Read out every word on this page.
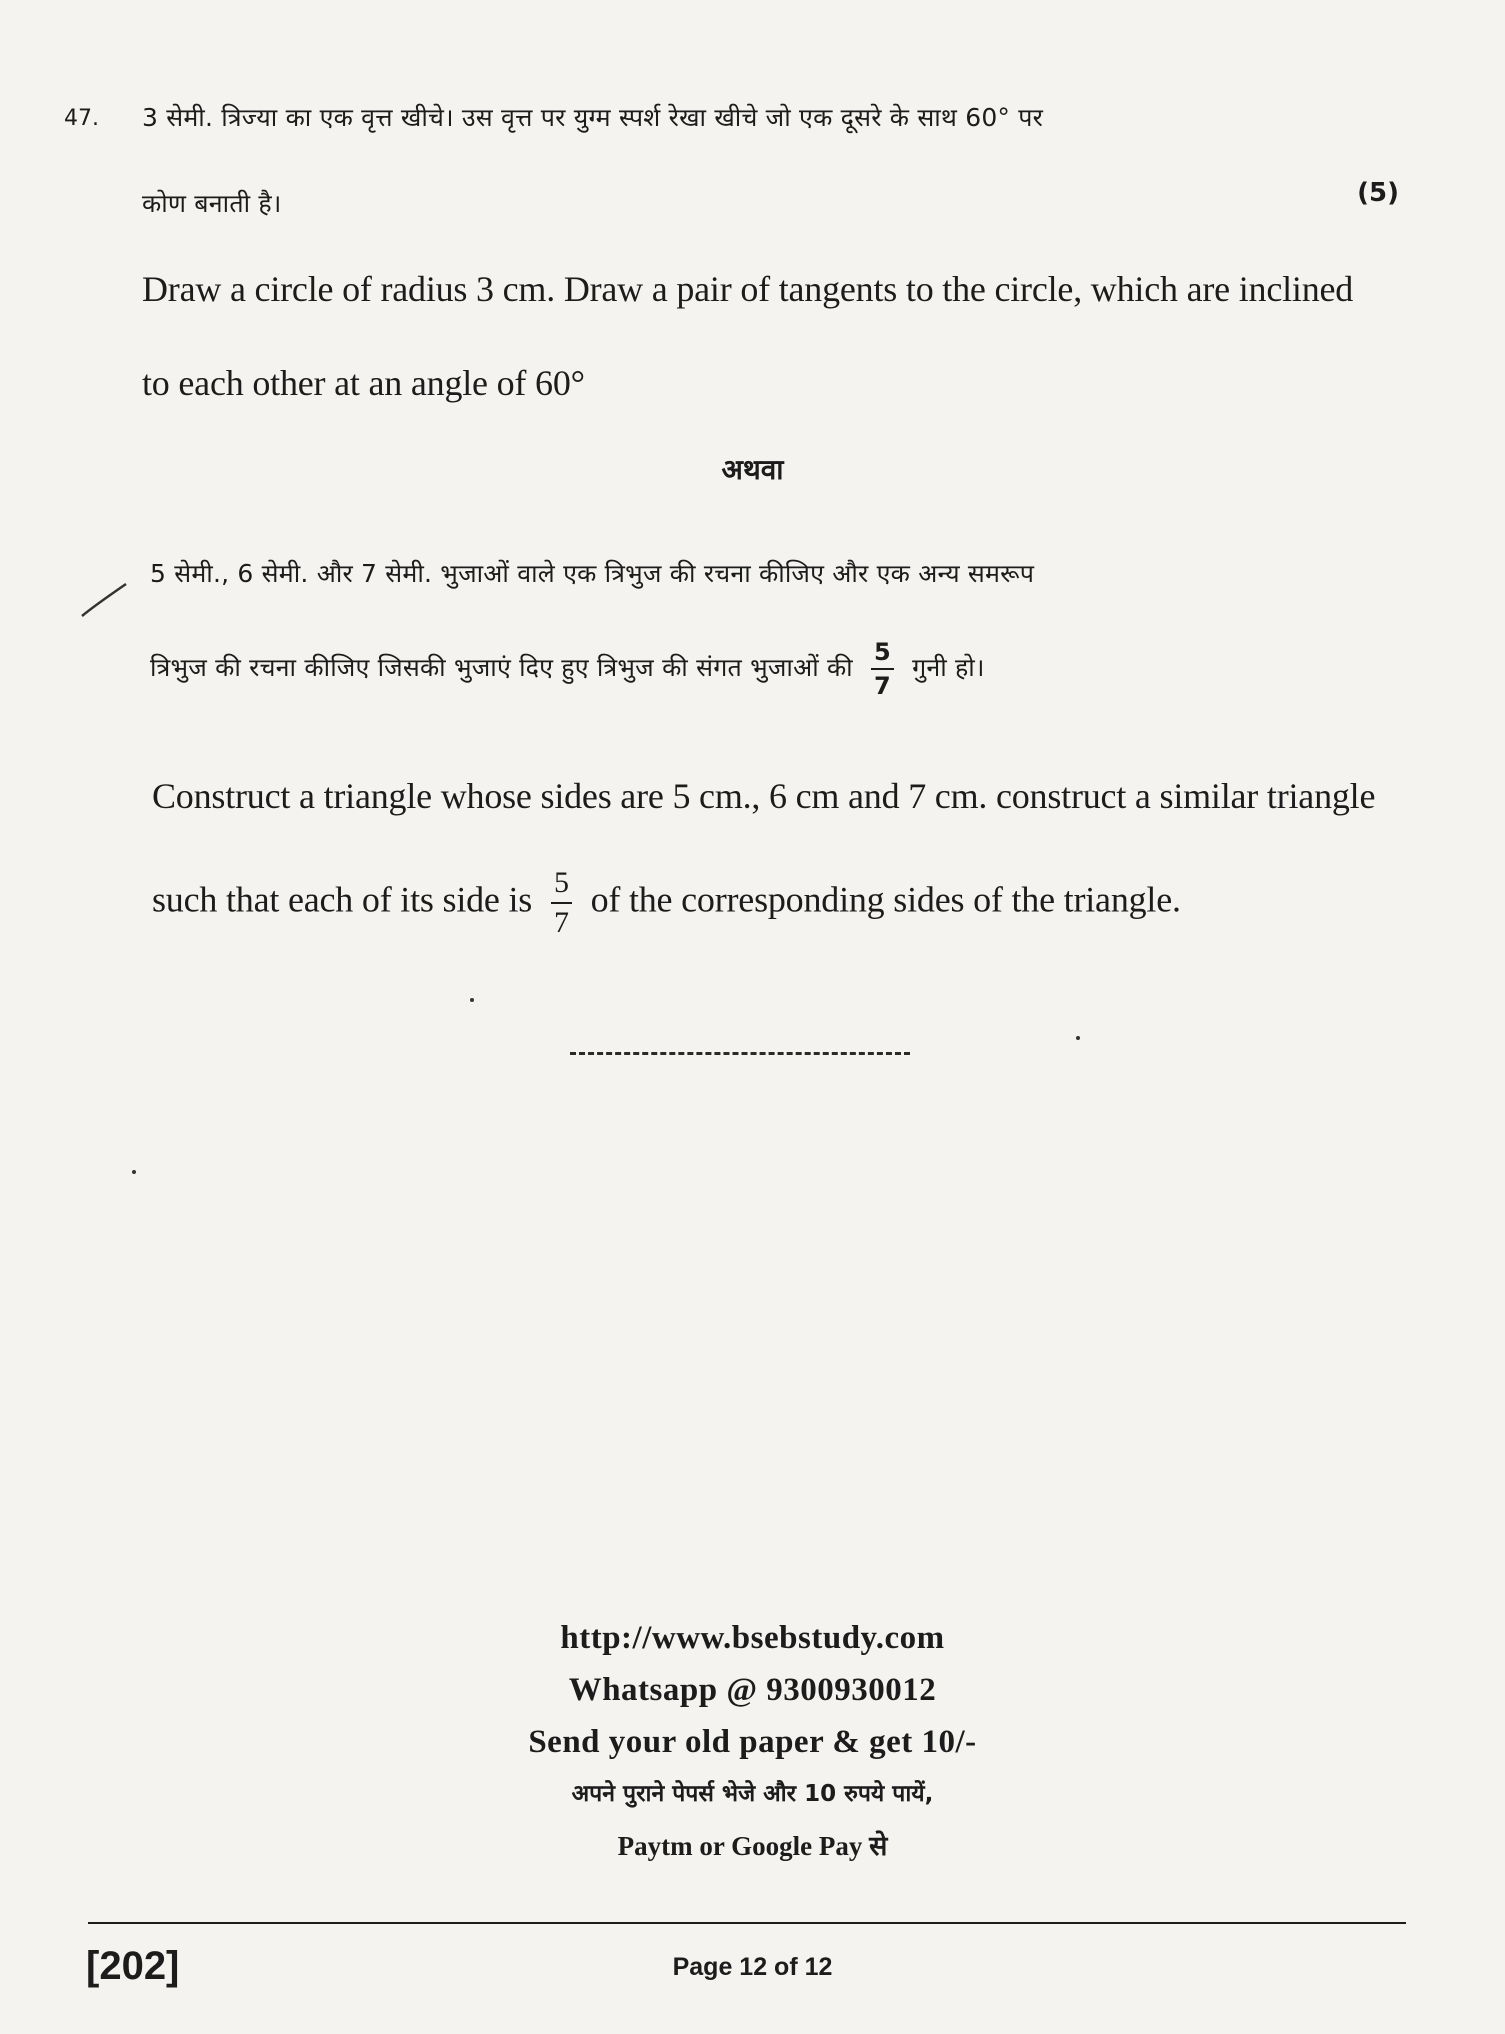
47. 3 सेमी. त्रिज्या का एक वृत्त खीचे। उस वृत्त पर युग्म स्पर्श रेखा खीचे जो एक दूसरे के साथ 60° पर
कोण बनाती है।	(5)
Draw a circle of radius 3 cm. Draw a pair of tangents to the circle, which are inclined
to each other at an angle of 60°
अथवा
5 सेमी., 6 सेमी. और 7 सेमी. भुजाओं वाले एक त्रिभुज की रचना कीजिए और एक अन्य समरूप
त्रिभुज की रचना कीजिए जिसकी भुजाएं दिए हुए त्रिभुज की संगत भुजाओं की $\frac{5}{7}$ गुनी हो।
Construct a triangle whose sides are 5 cm., 6 cm and 7 cm. construct a similar triangle
such that each of its side is $\frac{5}{7}$ of the corresponding sides of the triangle.
http://www.bsebstudy.com
Whatsapp @ 9300930012
Send your old paper & get 10/-
अपने पुराने पेपर्स भेजे और 10 रुपये पायें,
Paytm or Google Pay से
[202]	Page 12 of 12
